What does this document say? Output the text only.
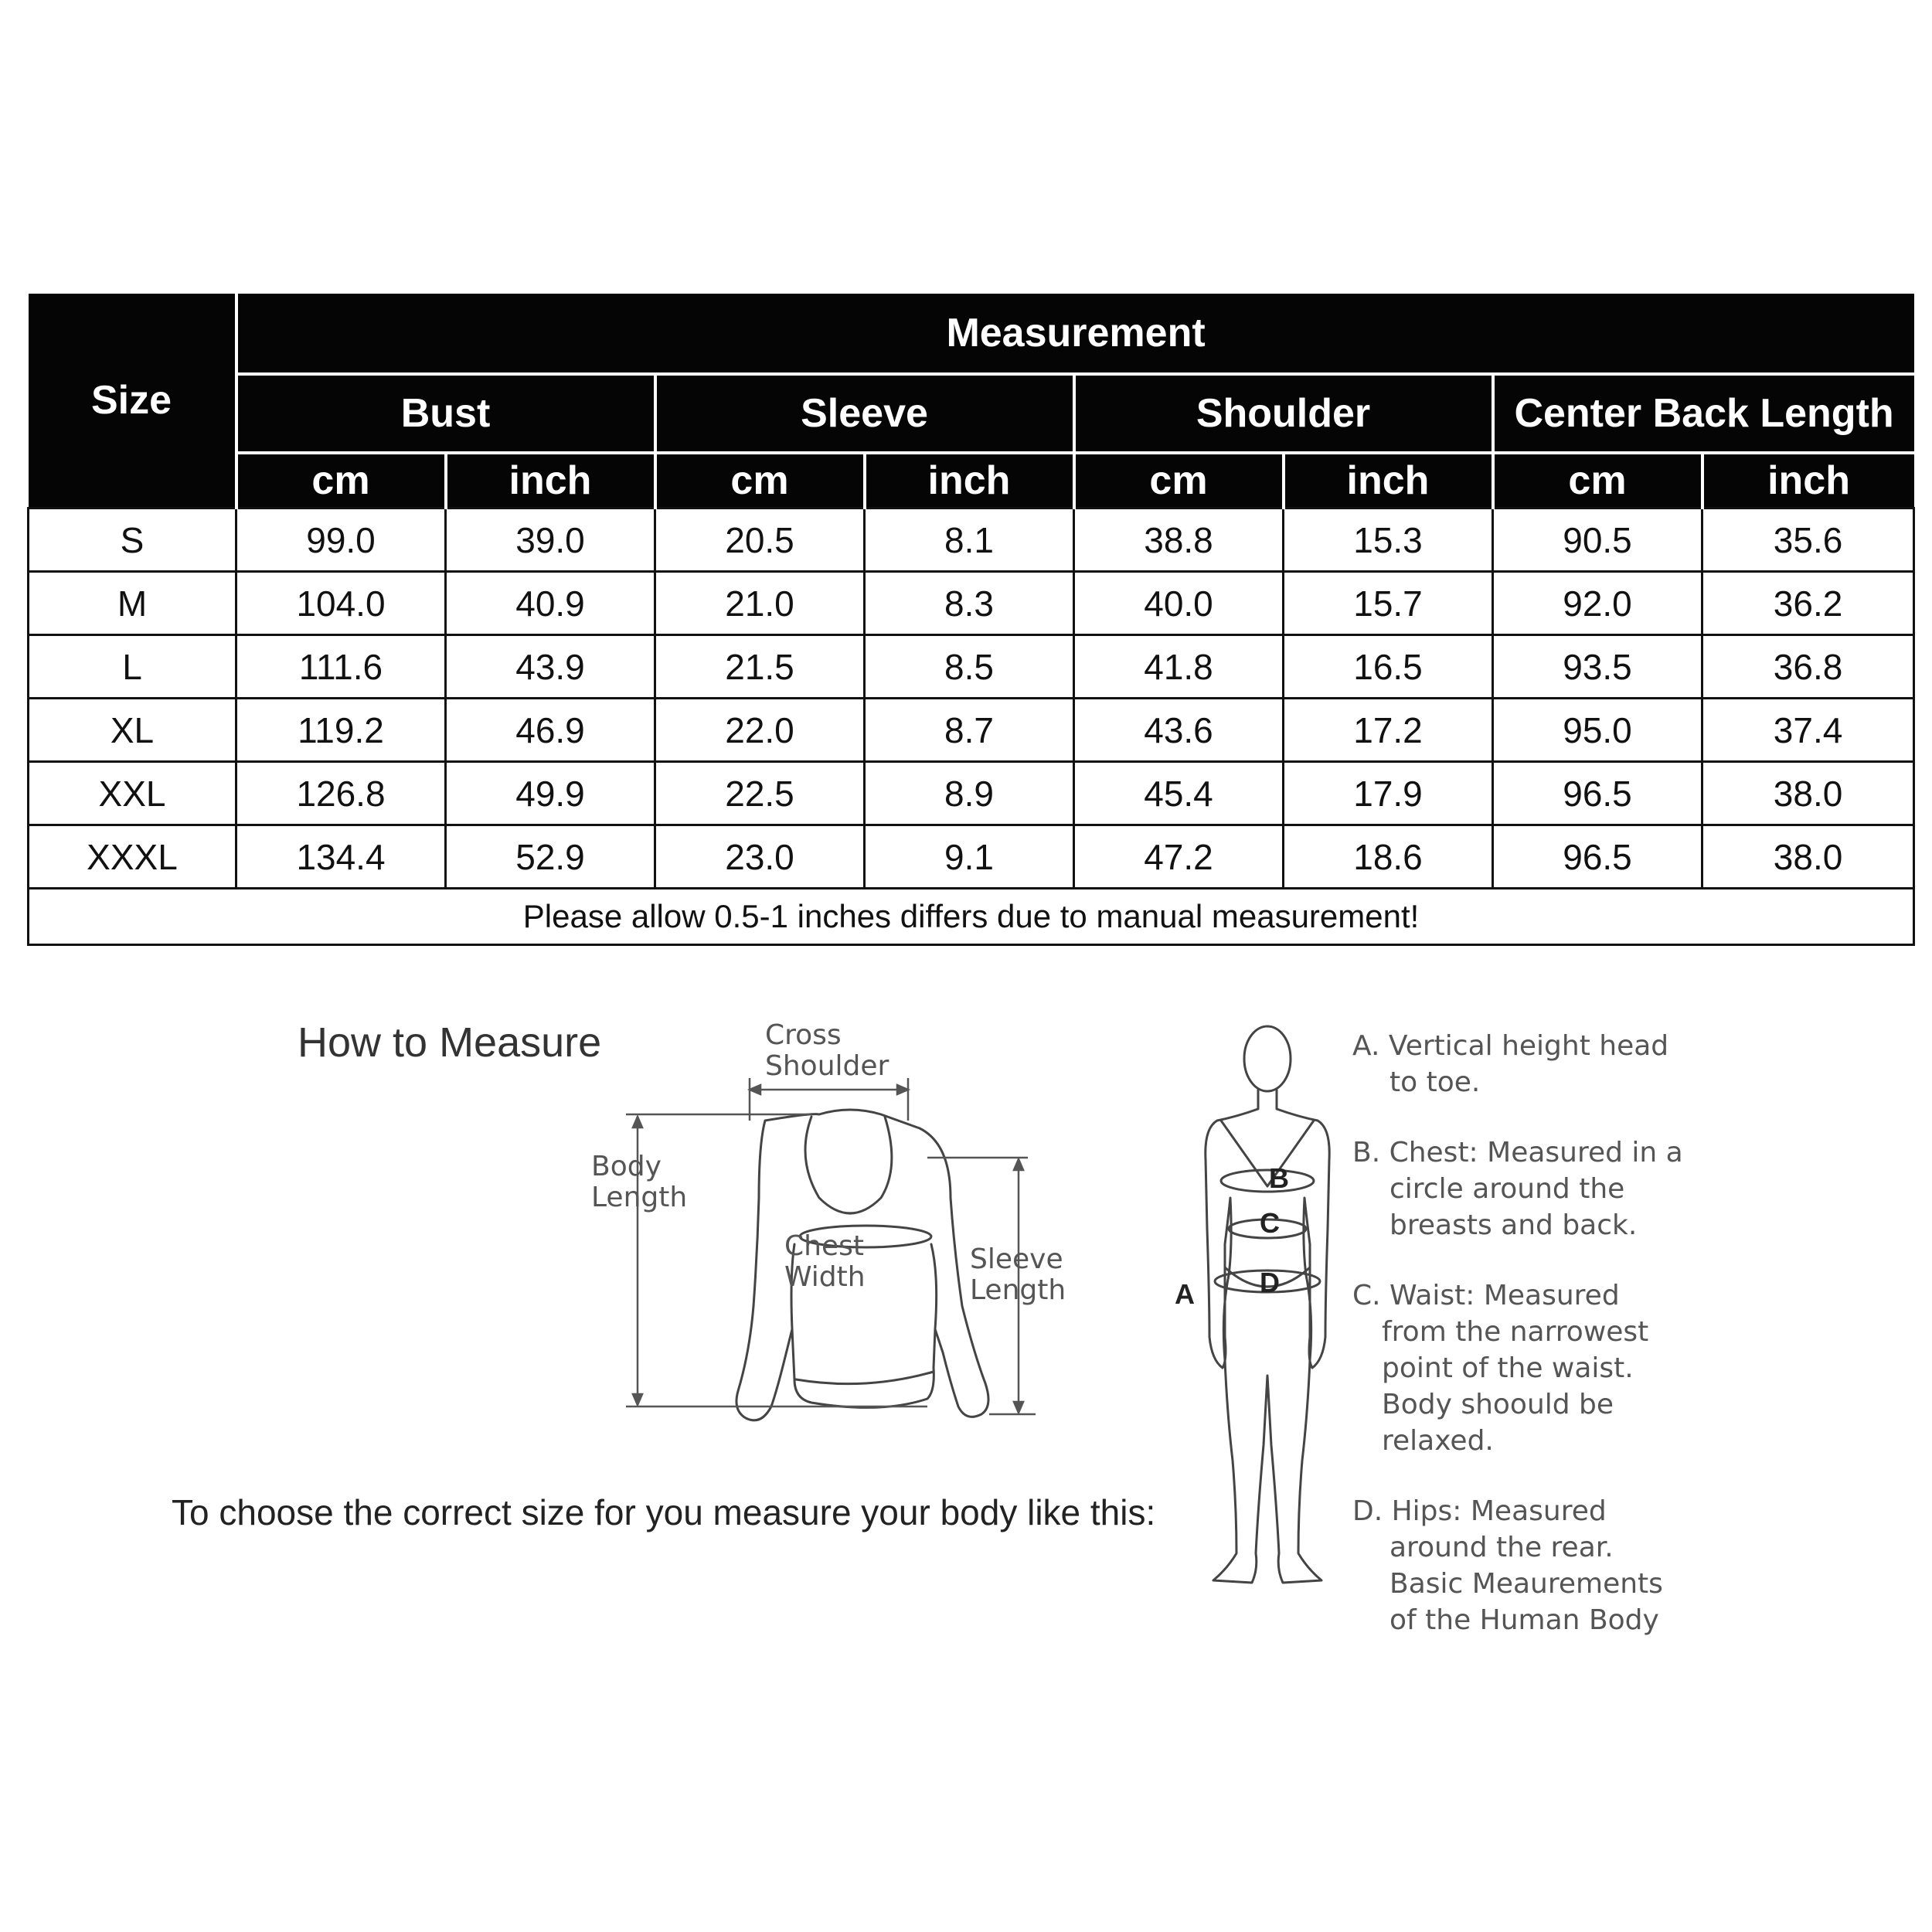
Size	Measurement							
	Bust		Sleeve		Shoulder		Center Back Length	
	cm	inch	cm	inch	cm	inch	cm	inch
S	99.0	39.0	20.5	8.1	38.8	15.3	90.5	35.6
M	104.0	40.9	21.0	8.3	40.0	15.7	92.0	36.2
L	111.6	43.9	21.5	8.5	41.8	16.5	93.5	36.8
XL	119.2	46.9	22.0	8.7	43.6	17.2	95.0	37.4
XXL	126.8	49.9	22.5	8.9	45.4	17.9	96.5	38.0
XXXL	134.4	52.9	23.0	9.1	47.2	18.6	96.5	38.0
Please allow 0.5-1 inches differs due to manual measurement!								
How to Measure
To choose the correct size for you measure your body like this:
Cross
Shoulder
Body
Length
Chest
Width
Sleeve
Length
B
C
D
A

A. Vertical height head
to toe.

B. Chest: Measured in a
circle around the
breasts and back.

C. Waist: Measured
from the narrowest
point of the waist.
Body shoould be
relaxed.

D. Hips: Measured
around the rear.
Basic Meaurements
of the Human Body
